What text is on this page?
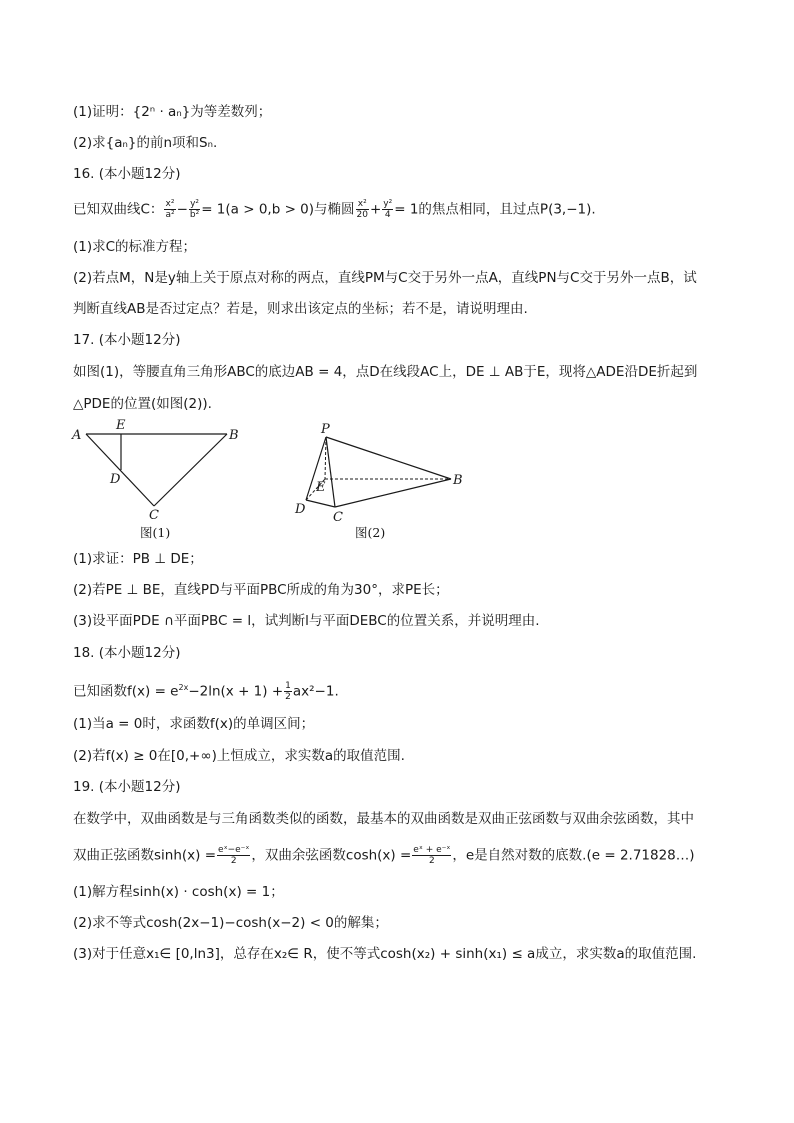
(1)证明：{2ⁿ · aₙ}为等差数列；
(2)求{aₙ}的前n项和Sₙ.
16. (本小题12分)
已知双曲线C： $\frac{\text{x²}}{\text{a²}} - \frac{\text{y²}}{\text{b²}} = 1(a > 0,b > 0)$与椭圆 $\frac{\text{x²}}{20} + \frac{\text{y²}}{4} = 1$的焦点相同，且过点P(3,−1).
(1)求C的标准方程；
(2)若点M，N是y轴上关于原点对称的两点，直线PM与C交于另外一点A，直线PN与C交于另外一点B，试
判断直线AB是否过定点？若是，则求出该定点的坐标；若不是，请说明理由.
17. (本小题12分)
如图(1)，等腰直角三角形ABC的底边AB = 4，点D在线段AC上，DE ⊥ AB于E，现将△ADE沿DE折起到
△PDE的位置(如图(2)).
A
E
B
D
C
图(1)
P
E	B
D
C
图(2)
(1)求证：PB ⊥ DE；
(2)若PE ⊥ BE，直线PD与平面PBC所成的角为30°，求PE长；
(3)设平面PDE ∩平面PBC = l，试判断l与平面DEBC的位置关系，并说明理由.
18. (本小题12分)
已知函数$f(x) = e^{2x}-2\ln(x + 1) + \frac{1}{2} ax^2-1$.
(1)当a = 0时，求函数f(x)的单调区间；
(2)若f(x) ≥ 0在[0,+∞)上恒成立，求实数a的取值范围.
19. (本小题12分)
在数学中，双曲函数是与三角函数类似的函数，最基本的双曲函数是双曲正弦函数与双曲余弦函数，其中
双曲正弦函数$\sinh(x) = \frac{\text{eˣ−e⁻ˣ}}{2}$ ，双曲余弦函数$\cosh(x) = \frac{\text{eˣ + e⁻ˣ}}{2}$ ，e是自然对数的底数.(e = 2.71828…)
(1)解方程sinh(x) · cosh(x) = 1；
(2)求不等式cosh(2x−1)−cosh(x−2) < 0的解集；
(3)对于任意x₁∈ [0,ln3]，总存在x₂∈ R，使不等式cosh(x₂) + sinh(x₁) ≤ a成立，求实数a的取值范围.
